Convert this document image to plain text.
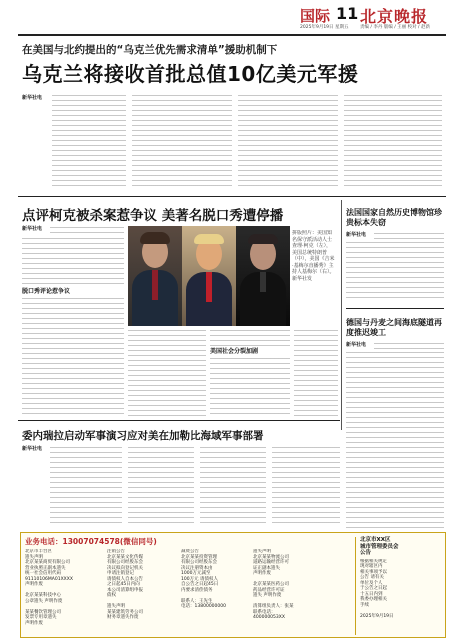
国际 11 北京晚报
2025年9月19日 星期五	责编 / 李丹 版编 / 王丽 校对 / 赵新
在美国与北约提出的“乌克兰优先需求清单”援助机制下
乌克兰将接收首批总值10亿美元军援
新华社电
点评柯克被杀案惹争议 美著名脱口秀遭停播
拼版照片：美国知名保守派活动人士查理·柯克（左），美国总统特朗普（中），美国《吉米·基梅尔直播秀》主持人基梅尔（右）。 新华社发
新华社电
脱口秀评论惹争议
美国社会分裂加剧
法国国家自然历史博物馆珍贵标本失窃
新华社电
德国与丹麦之间海底隧道再度推迟竣工
新华社电
委内瑞拉启动军事演习应对美在加勒比海域军事部署
新华社电
业务电话：13007074578(微信同号)
北京市丰台区
遗失声明
北京某某商贸有限公司
营业执照正副本遗失
统一社会信用代码
91110106MA01XXXX
声明作废

北京某某科技中心
公章遗失 声明作废

某某餐饮管理公司
发票专用章遗失
声明作废
注销公告
北京某某文化传媒
有限公司经股东会
决议拟向登记机关
申请注销登记
请债权人自本公告
之日起45日内向
本公司清算组申报
债权

遗失声明
某某建筑劳务公司
财务章遗失作废
减资公告
北京某某投资管理
有限公司经股东会
决议注册资本由
1000万元减至
100万元 请债权人
自公告之日起45日
内要求清偿债务

联系人：王先生
电话：13800000000
遗失声明
北京某某物流公司
道路运输经营许可
证正副本遗失
声明作废

北京某某医药公司
药品经营许可证
遗失 声明作废

清算组负责人：张某
联系电话：
400000053XX
北京市XX区
城市管理委员会
公告
根据相关规定
现对辖区内
相关事项予以
公告 请有关
单位及个人
于公告之日起
十五日内到
我委办理相关
手续

2025年9月19日
